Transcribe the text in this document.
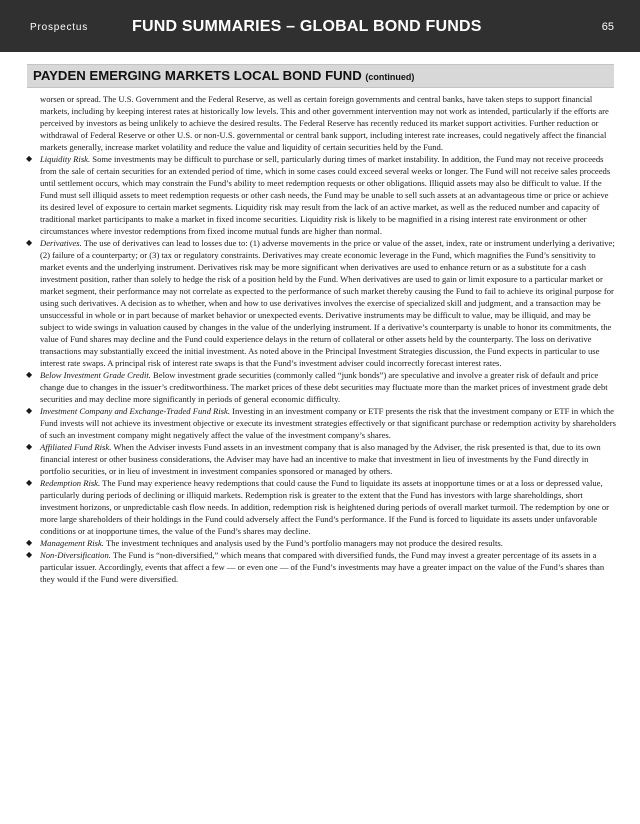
Prospectus	FUND SUMMARIES – GLOBAL BOND FUNDS	65
PAYDEN EMERGING MARKETS LOCAL BOND FUND (continued)

worsen or spread. The U.S. Government and the Federal Reserve, as well as certain foreign governments and central banks, have taken steps to support financial markets, including by keeping interest rates at historically low levels. This and other government intervention may not work as intended, particularly if the efforts are perceived by investors as being unlikely to achieve the desired results. The Federal Reserve has recently reduced its market support activities. Further reduction or withdrawal of Federal Reserve or other U.S. or non-U.S. governmental or central bank support, including interest rate increases, could negatively affect the financial markets generally, increase market volatility and reduce the value and liquidity of certain securities held by the Fund.

◆ Liquidity Risk. Some investments may be difficult to purchase or sell, particularly during times of market instability. In addition, the Fund may not receive proceeds from the sale of certain securities for an extended period of time, which in some cases could exceed several weeks or longer. The Fund will not receive sales proceeds until settlement occurs, which may constrain the Fund’s ability to meet redemption requests or other obligations. Illiquid assets may also be difficult to value. If the Fund must sell illiquid assets to meet redemption requests or other cash needs, the Fund may be unable to sell such assets at an advantageous time or price or achieve its desired level of exposure to certain market segments. Liquidity risk may result from the lack of an active market, as well as the reduced number and capacity of traditional market participants to make a market in fixed income securities. Liquidity risk is likely to be magnified in a rising interest rate environment or other circumstances where investor redemptions from fixed income mutual funds are higher than normal.
◆ Derivatives. The use of derivatives can lead to losses due to: (1) adverse movements in the price or value of the asset, index, rate or instrument underlying a derivative; (2) failure of a counterparty; or (3) tax or regulatory constraints. Derivatives may create economic leverage in the Fund, which magnifies the Fund’s sensitivity to market events and the underlying instrument. Derivatives risk may be more significant when derivatives are used to enhance return or as a substitute for a cash investment position, rather than solely to hedge the risk of a position held by the Fund. When derivatives are used to gain or limit exposure to a particular market or market segment, their performance may not correlate as expected to the performance of such market thereby causing the Fund to fail to achieve its original purpose for using such derivatives. A decision as to whether, when and how to use derivatives involves the exercise of specialized skill and judgment, and a transaction may be unsuccessful in whole or in part because of market behavior or unexpected events. Derivative instruments may be difficult to value, may be illiquid, and may be subject to wide swings in valuation caused by changes in the value of the underlying instrument. If a derivative’s counterparty is unable to honor its commitments, the value of Fund shares may decline and the Fund could experience delays in the return of collateral or other assets held by the counterparty. The loss on derivative transactions may substantially exceed the initial investment. As noted above in the Principal Investment Strategies discussion, the Fund expects in particular to use interest rate swaps. A principal risk of interest rate swaps is that the Fund’s investment adviser could incorrectly forecast interest rates.
◆ Below Investment Grade Credit. Below investment grade securities (commonly called “junk bonds”) are speculative and involve a greater risk of default and price change due to changes in the issuer’s creditworthiness. The market prices of these debt securities may fluctuate more than the market prices of investment grade debt securities and may decline more significantly in periods of general economic difficulty.
◆ Investment Company and Exchange-Traded Fund Risk. Investing in an investment company or ETF presents the risk that the investment company or ETF in which the Fund invests will not achieve its investment objective or execute its investment strategies effectively or that significant purchase or redemption activity by shareholders of such an investment company might negatively affect the value of the investment company’s shares.
◆ Affiliated Fund Risk. When the Adviser invests Fund assets in an investment company that is also managed by the Adviser, the risk presented is that, due to its own financial interest or other business considerations, the Adviser may have had an incentive to make that investment in lieu of investments by the Fund directly in portfolio securities, or in lieu of investment in investment companies sponsored or managed by others.
◆ Redemption Risk. The Fund may experience heavy redemptions that could cause the Fund to liquidate its assets at inopportune times or at a loss or depressed value, particularly during periods of declining or illiquid markets. Redemption risk is greater to the extent that the Fund has investors with large shareholdings, short investment horizons, or unpredictable cash flow needs. In addition, redemption risk is heightened during periods of overall market turmoil. The redemption by one or more large shareholders of their holdings in the Fund could adversely affect the Fund’s performance. If the Fund is forced to liquidate its assets under unfavorable conditions or at inopportune times, the value of the Fund’s shares may decline.
◆ Management Risk. The investment techniques and analysis used by the Fund’s portfolio managers may not produce the desired results.
◆ Non-Diversification. The Fund is “non-diversified,” which means that compared with diversified funds, the Fund may invest a greater percentage of its assets in a particular issuer. Accordingly, events that affect a few — or even one — of the Fund’s investments may have a greater impact on the value of the Fund’s shares than they would if the Fund were diversified.
